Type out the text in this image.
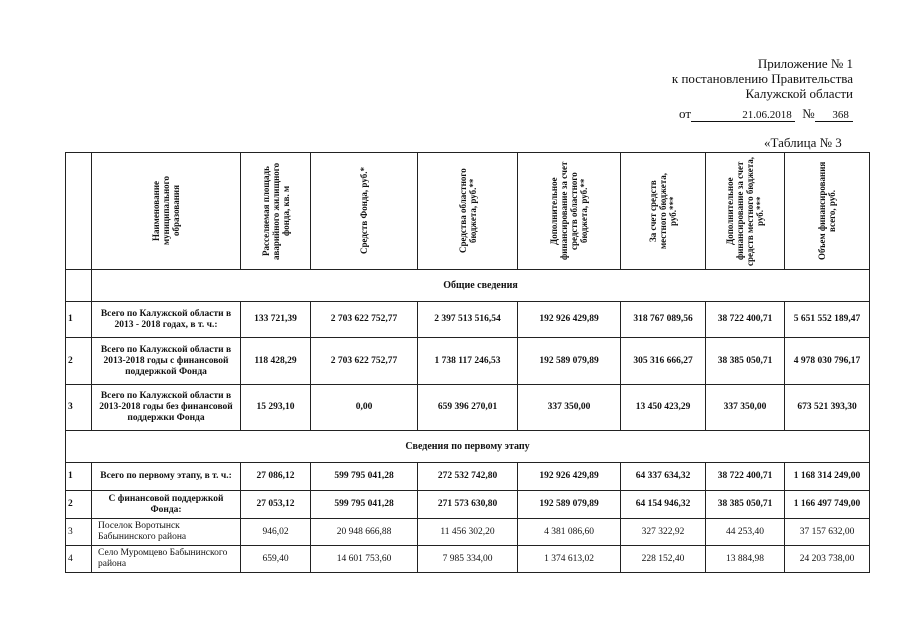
Приложение № 1
к постановлению Правительства
Калужской области
от	21.06.2018 № 368
«Таблица № 3

	Наименование муниципального образования	Расселяемая площадь аварийного жилищного фонда, кв. м	Средств Фонда, руб.*	Средства областного бюджета, руб.**	Дополнительное финансирование за счет средств областного бюджета, руб.**	За счет средств местного бюджета, руб.***	Дополнительное финансирование за счет средств местного бюджета, руб.***	Объем финансирования всего, руб.

	Общие сведения							
1	Всего по Калужской области в 2013 - 2018 годах, в т. ч.:	133 721,39	2 703 622 752,77	2 397 513 516,54	192 926 429,89	318 767 089,56	38 722 400,71	5 651 552 189,47
2	Всего по Калужской области в 2013-2018 годы с финансовой поддержкой Фонда	118 428,29	2 703 622 752,77	1 738 117 246,53	192 589 079,89	305 316 666,27	38 385 050,71	4 978 030 796,17
3	Всего по Калужской области в 2013-2018 годы без финансовой поддержки Фонда	15 293,10	0,00	659 396 270,01	337 350,00	13 450 423,29	337 350,00	673 521 393,30
Сведения по первому этапу								
1	Всего по первому этапу, в т. ч.:	27 086,12	599 795 041,28	272 532 742,80	192 926 429,89	64 337 634,32	38 722 400,71	1 168 314 249,00
2	С финансовой поддержкой Фонда:	27 053,12	599 795 041,28	271 573 630,80	192 589 079,89	64 154 946,32	38 385 050,71	1 166 497 749,00
3	Поселок Воротынск Бабынинского района	946,02	20 948 666,88	11 456 302,20	4 381 086,60	327 322,92	44 253,40	37 157 632,00
4	Село Муромцево Бабынинского района	659,40	14 601 753,60	7 985 334,00	1 374 613,02	228 152,40	13 884,98	24 203 738,00
